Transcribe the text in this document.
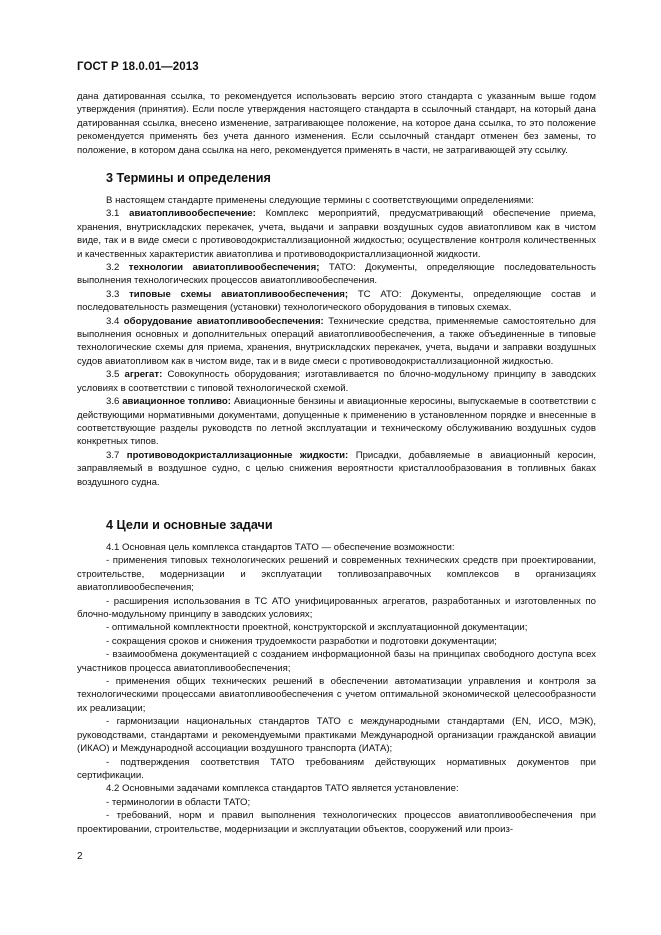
ГОСТ Р 18.0.01—2013

дана датированная ссылка, то рекомендуется использовать версию этого стандарта с указанным выше годом утверждения (принятия). Если после утверждения настоящего стандарта в ссылочный стандарт, на который дана датированная ссылка, внесено изменение, затрагивающее положение, на которое дана ссылка, то это положение рекомендуется применять без учета данного изменения. Если ссылочный стандарт отменен без замены, то положение, в котором дана ссылка на него, рекомендуется применять в части, не затрагивающей эту ссылку.

3 Термины и определения

В настоящем стандарте применены следующие термины с соответствующими определениями:

3.1 авиатопливообеспечение: Комплекс мероприятий, предусматривающий обеспечение приема, хранения, внутрискладских перекачек, учета, выдачи и заправки воздушных судов авиатопливом как в чистом виде, так и в виде смеси с противоводокристаллизационной жидкостью; осуществление контроля количественных и качественных характеристик авиатоплива и противоводокристаллизационной жидкости.

3.2 технологии авиатопливообеспечения; ТАТО: Документы, определяющие последовательность выполнения технологических процессов авиатопливообеспечения.

3.3 типовые схемы авиатопливообеспечения; ТС АТО: Документы, определяющие состав и последовательность размещения (установки) технологического оборудования в типовых схемах.

3.4 оборудование авиатопливообеспечения: Технические средства, применяемые самостоятельно для выполнения основных и дополнительных операций авиатопливообеспечения, а также объединенные в типовые технологические схемы для приема, хранения, внутрискладских перекачек, учета, выдачи и заправки воздушных судов авиатопливом как в чистом виде, так и в виде смеси с противоводокристаллизационной жидкостью.

3.5 агрегат: Совокупность оборудования; изготавливается по блочно-модульному принципу в заводских условиях в соответствии с типовой технологической схемой.

3.6 авиационное топливо: Авиационные бензины и авиационные керосины, выпускаемые в соответствии с действующими нормативными документами, допущенные к применению в установленном порядке и внесенные в соответствующие разделы руководств по летной эксплуатации и техническому обслуживанию воздушных судов конкретных типов.

3.7 противоводокристаллизационные жидкости: Присадки, добавляемые в авиационный керосин, заправляемый в воздушное судно, с целью снижения вероятности кристаллообразования в топливных баках воздушного судна.

4 Цели и основные задачи

4.1 Основная цель комплекса стандартов ТАТО — обеспечение возможности:

- применения типовых технологических решений и современных технических средств при проектировании, строительстве, модернизации и эксплуатации топливозаправочных комплексов в организациях авиатопливообеспечения;

- расширения использования в ТС АТО унифицированных агрегатов, разработанных и изготовленных по блочно-модульному принципу в заводских условиях;

- оптимальной комплектности проектной, конструкторской и эксплуатационной документации;

- сокращения сроков и снижения трудоемкости разработки и подготовки документации;

- взаимообмена документацией с созданием информационной базы на принципах свободного доступа всех участников процесса авиатопливообеспечения;

- применения общих технических решений в обеспечении автоматизации управления и контроля за технологическими процессами авиатопливообеспечения с учетом оптимальной экономической целесообразности их реализации;

- гармонизации национальных стандартов ТАТО с международными стандартами (EN, ИСО, МЭК), руководствами, стандартами и рекомендуемыми практиками Международной организации гражданской авиации (ИКАО) и Международной ассоциации воздушного транспорта (ИАТА);

- подтверждения соответствия ТАТО требованиям действующих нормативных документов при сертификации.

4.2 Основными задачами комплекса стандартов ТАТО является установление:

- терминологии в области ТАТО;

- требований, норм и правил выполнения технологических процессов авиатопливообеспечения при проектировании, строительстве, модернизации и эксплуатации объектов, сооружений или произ-

2
